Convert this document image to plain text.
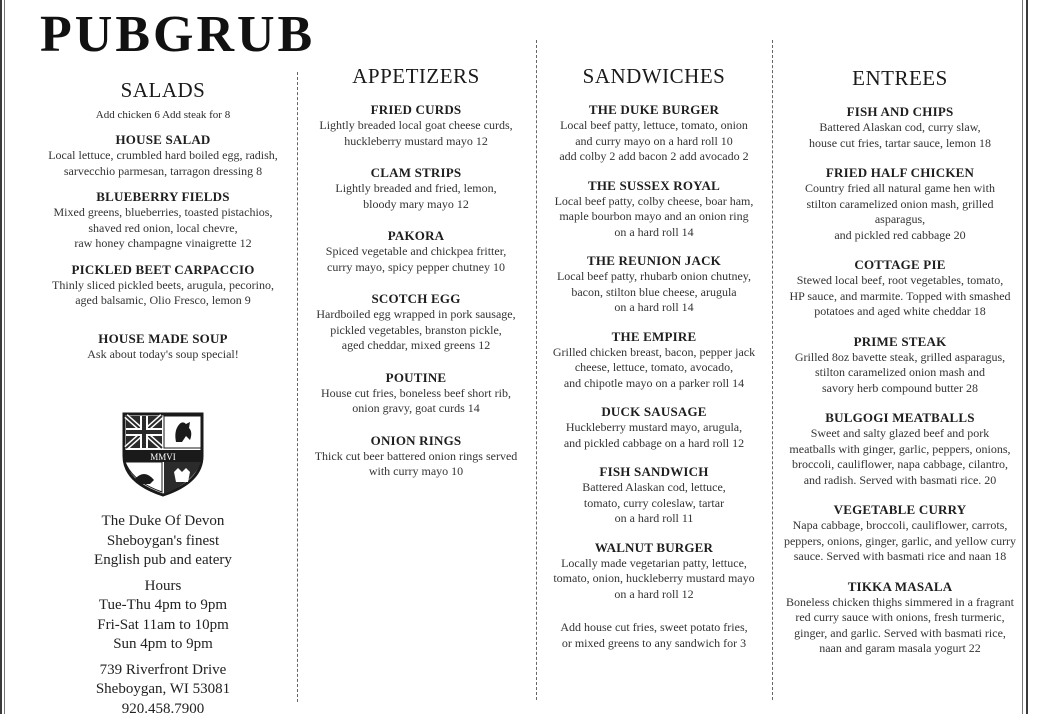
PUBGRUB
SALADS
Add chicken 6 Add steak for 8
HOUSE SALAD
Local lettuce, crumbled hard boiled egg, radish,
sarvecchio parmesan, tarragon dressing 8
BLUEBERRY FIELDS
Mixed greens, blueberries, toasted pistachios,
shaved red onion, local chevre,
raw honey champagne vinaigrette 12
PICKLED BEET CARPACCIO
Thinly sliced pickled beets, arugula, pecorino,
aged balsamic, Olio Fresco, lemon 9
HOUSE MADE SOUP
Ask about today's soup special!
MMVI
The Duke Of Devon
Sheboygan's finest
English pub and eatery
Hours
Tue-Thu 4pm to 9pm
Fri-Sat 11am to 10pm
Sun 4pm to 9pm
739 Riverfront Drive
Sheboygan, WI 53081
920.458.7900
APPETIZERS
FRIED CURDS
Lightly breaded local goat cheese curds,
huckleberry mustard mayo 12
CLAM STRIPS
Lightly breaded and fried, lemon,
bloody mary mayo 12
PAKORA
Spiced vegetable and chickpea fritter,
curry mayo, spicy pepper chutney 10
SCOTCH EGG
Hardboiled egg wrapped in pork sausage,
pickled vegetables, branston pickle,
aged cheddar, mixed greens 12
POUTINE
House cut fries, boneless beef short rib,
onion gravy, goat curds 14
ONION RINGS
Thick cut beer battered onion rings served
with curry mayo 10
SANDWICHES
THE DUKE BURGER
Local beef patty, lettuce, tomato, onion
and curry mayo on a hard roll 10
add colby 2 add bacon 2 add avocado 2
THE SUSSEX ROYAL
Local beef patty, colby cheese, boar ham,
maple bourbon mayo and an onion ring
on a hard roll 14
THE REUNION JACK
Local beef patty, rhubarb onion chutney,
bacon, stilton blue cheese, arugula
on a hard roll 14
THE EMPIRE
Grilled chicken breast, bacon, pepper jack
cheese, lettuce, tomato, avocado,
and chipotle mayo on a parker roll 14
DUCK SAUSAGE
Huckleberry mustard mayo, arugula,
and pickled cabbage on a hard roll 12
FISH SANDWICH
Battered Alaskan cod, lettuce,
tomato, curry coleslaw, tartar
on a hard roll 11
WALNUT BURGER
Locally made vegetarian patty, lettuce,
tomato, onion, huckleberry mustard mayo
on a hard roll 12
Add house cut fries, sweet potato fries,
or mixed greens to any sandwich for 3
ENTREES
FISH AND CHIPS
Battered Alaskan cod, curry slaw,
house cut fries, tartar sauce, lemon 18
FRIED HALF CHICKEN
Country fried all natural game hen with
stilton caramelized onion mash, grilled asparagus,
and pickled red cabbage 20
COTTAGE PIE
Stewed local beef, root vegetables, tomato,
HP sauce, and marmite. Topped with smashed
potatoes and aged white cheddar 18
PRIME STEAK
Grilled 8oz bavette steak, grilled asparagus,
stilton caramelized onion mash and
savory herb compound butter 28
BULGOGI MEATBALLS
Sweet and salty glazed beef and pork
meatballs with ginger, garlic, peppers, onions,
broccoli, cauliflower, napa cabbage, cilantro,
and radish. Served with basmati rice. 20
VEGETABLE CURRY
Napa cabbage, broccoli, cauliflower, carrots,
peppers, onions, ginger, garlic, and yellow curry
sauce. Served with basmati rice and naan 18
TIKKA MASALA
Boneless chicken thighs simmered in a fragrant
red curry sauce with onions, fresh turmeric,
ginger, and garlic. Served with basmati rice,
naan and garam masala yogurt 22
